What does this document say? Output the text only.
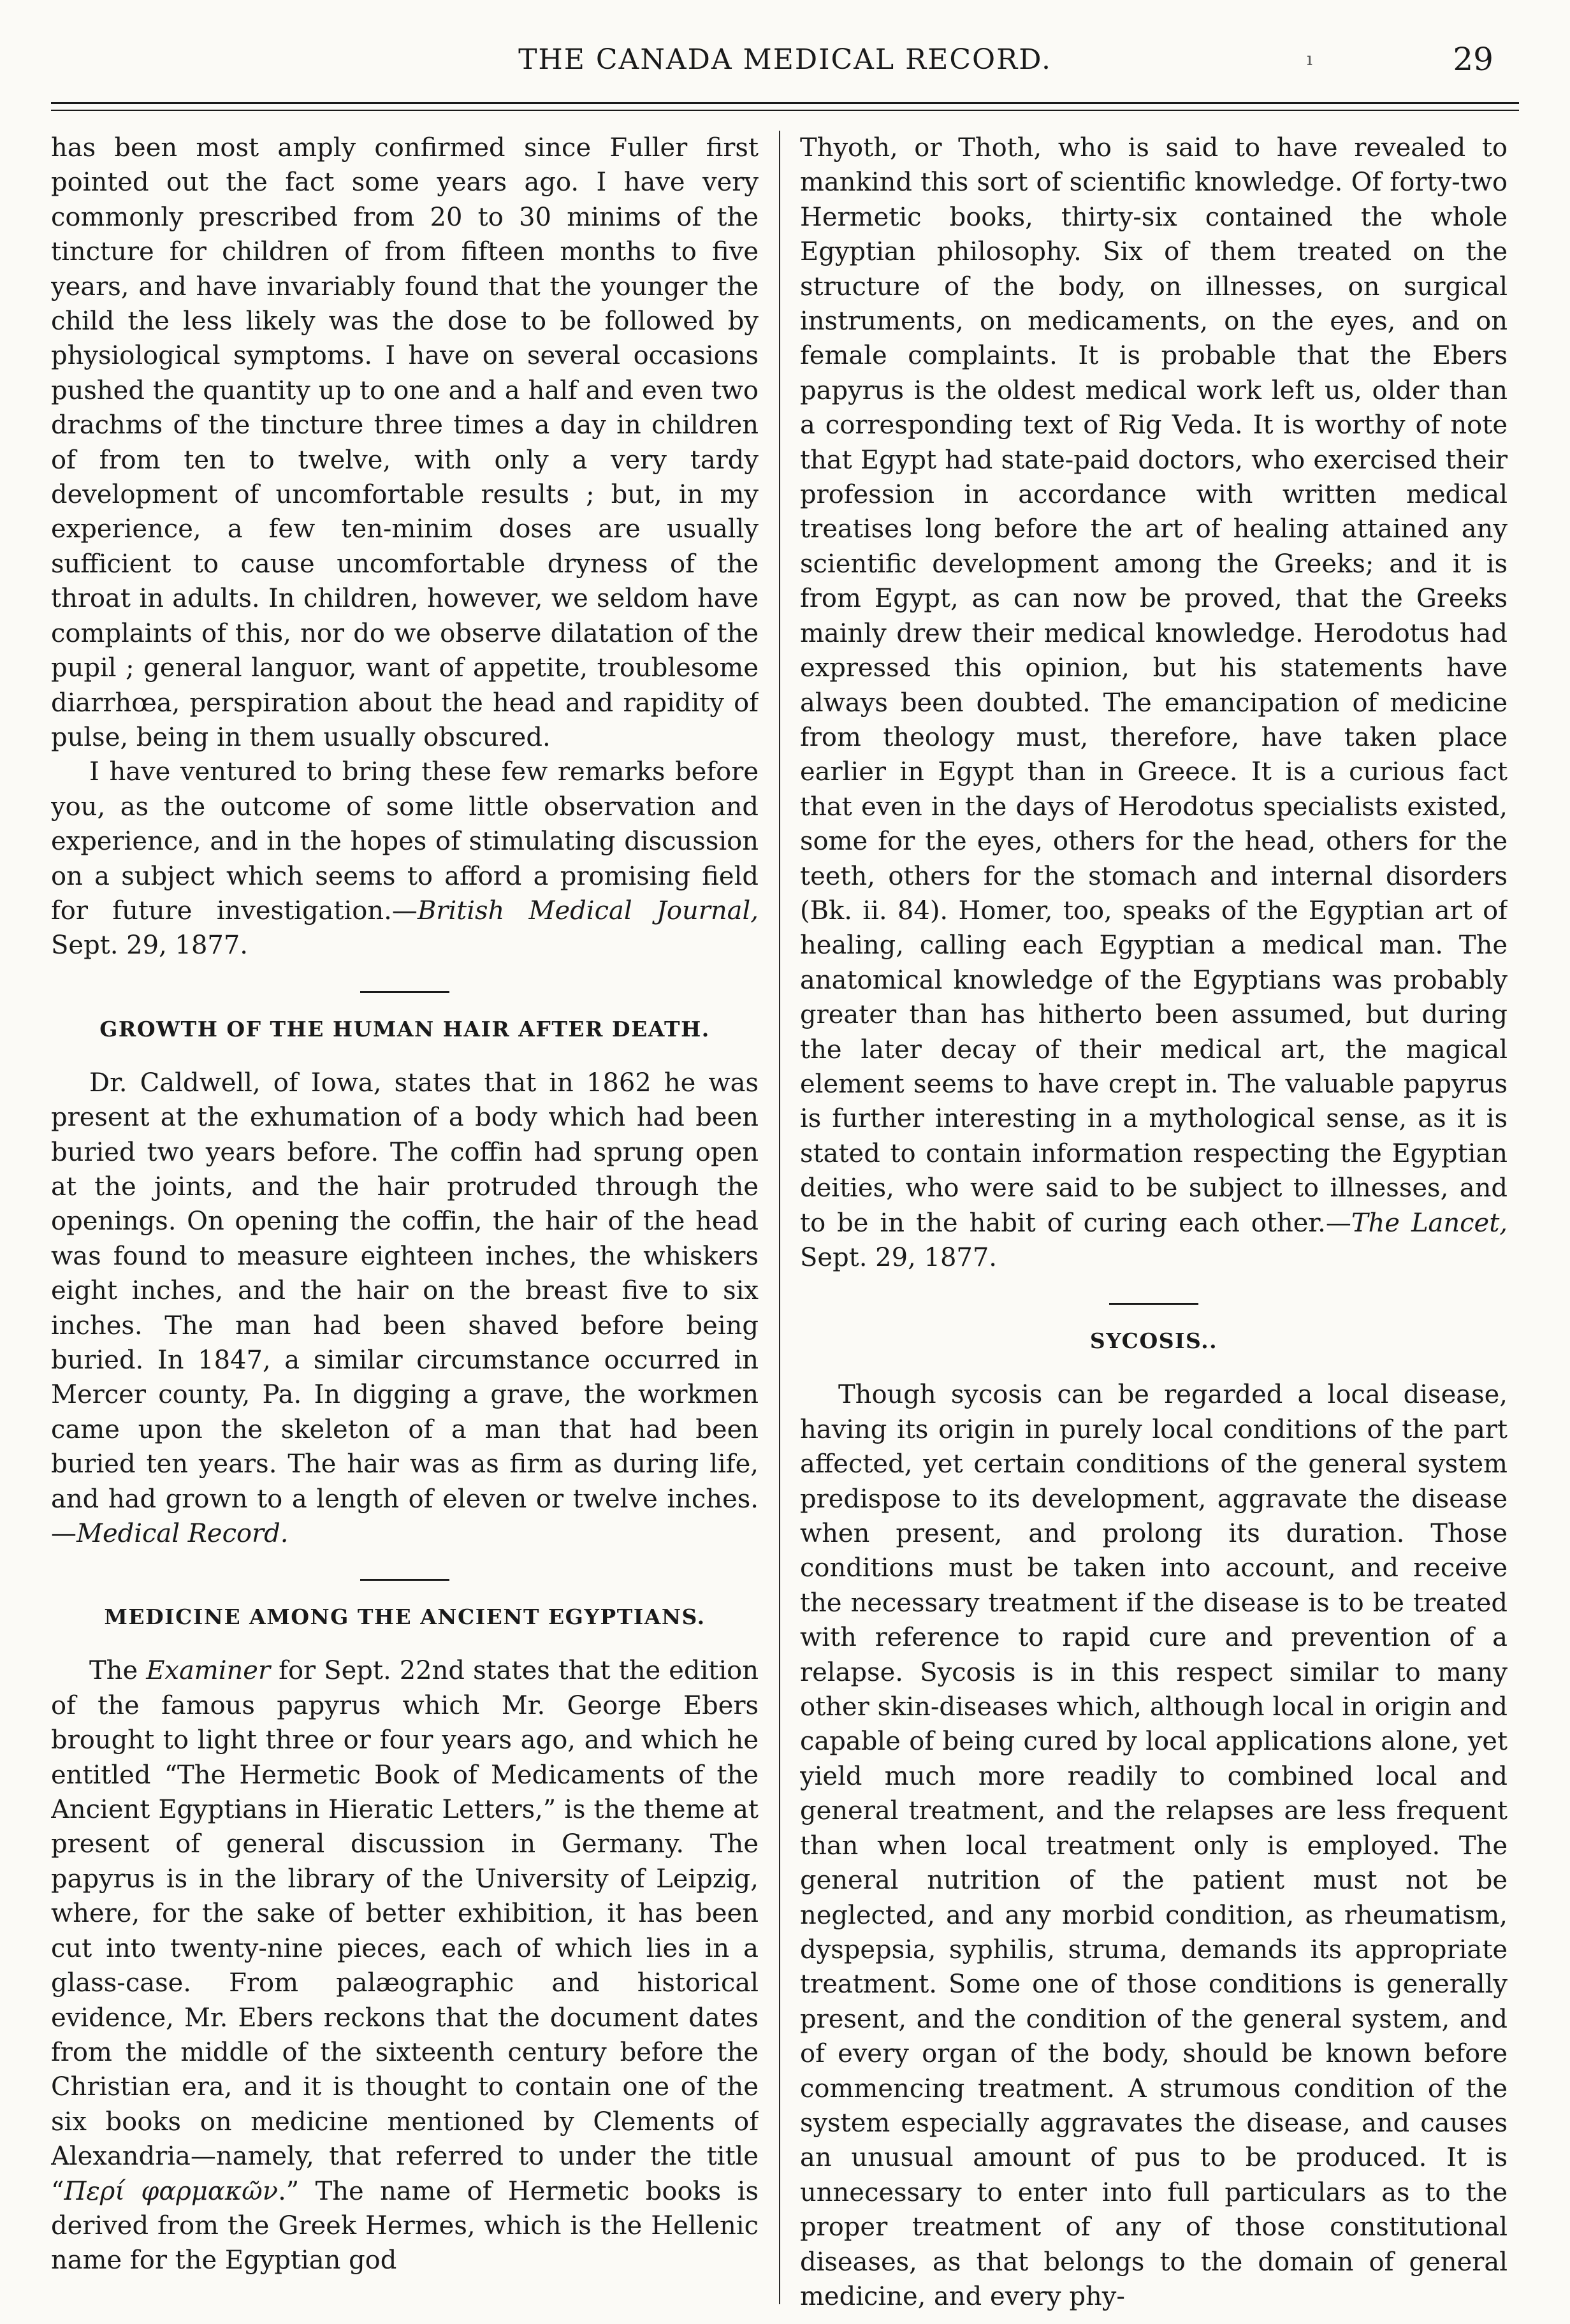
THE CANADA MEDICAL RECORD.	ı	29

has been most amply confirmed since Fuller first pointed out the fact some years ago. I have very commonly prescribed from 20 to 30 minims of the tincture for children of from fifteen months to five years, and have invariably found that the younger the child the less likely was the dose to be followed by physiological symptoms. I have on several occasions pushed the quantity up to one and a half and even two drachms of the tincture three times a day in children of from ten to twelve, with only a very tardy development of uncomfortable results ; but, in my experience, a few ten-minim doses are usually sufficient to cause uncomfortable dryness of the throat in adults. In children, however, we seldom have complaints of this, nor do we observe dilatation of the pupil ; general languor, want of appetite, troublesome diarrhœa, perspiration about the head and rapidity of pulse, being in them usually obscured.

I have ventured to bring these few remarks before you, as the outcome of some little observation and experience, and in the hopes of stimulating discussion on a subject which seems to afford a promising field for future investigation.—British Medical Journal, Sept. 29, 1877.

GROWTH OF THE HUMAN HAIR AFTER DEATH.

Dr. Caldwell, of Iowa, states that in 1862 he was present at the exhumation of a body which had been buried two years before. The coffin had sprung open at the joints, and the hair protruded through the openings. On opening the coffin, the hair of the head was found to measure eighteen inches, the whiskers eight inches, and the hair on the breast five to six inches. The man had been shaved before being buried. In 1847, a similar circumstance occurred in Mercer county, Pa. In digging a grave, the workmen came upon the skeleton of a man that had been buried ten years. The hair was as firm as during life, and had grown to a length of eleven or twelve inches.—Medical Record.

MEDICINE AMONG THE ANCIENT EGYPTIANS.

The Examiner for Sept. 22nd states that the edition of the famous papyrus which Mr. George Ebers brought to light three or four years ago, and which he entitled “The Hermetic Book of Medicaments of the Ancient Egyptians in Hieratic Letters,” is the theme at present of general discussion in Germany. The papyrus is in the library of the University of Leipzig, where, for the sake of better exhibition, it has been cut into twenty-nine pieces, each of which lies in a glass-case. From palæographic and historical evidence, Mr. Ebers reckons that the document dates from the middle of the sixteenth century before the Christian era, and it is thought to contain one of the six books on medicine mentioned by Clements of Alexandria—namely, that referred to under the title “Περί φαρμακῶν.” The name of Hermetic books is derived from the Greek Hermes, which is the Hellenic name for the Egyptian god

Thyoth, or Thoth, who is said to have revealed to mankind this sort of scientific knowledge. Of forty-two Hermetic books, thirty-six contained the whole Egyptian philosophy. Six of them treated on the structure of the body, on illnesses, on surgical instruments, on medicaments, on the eyes, and on female complaints. It is probable that the Ebers papyrus is the oldest medical work left us, older than a corresponding text of Rig Veda. It is worthy of note that Egypt had state-paid doctors, who exercised their profession in accordance with written medical treatises long before the art of healing attained any scientific development among the Greeks; and it is from Egypt, as can now be proved, that the Greeks mainly drew their medical knowledge. Herodotus had expressed this opinion, but his statements have always been doubted. The emancipation of medicine from theology must, therefore, have taken place earlier in Egypt than in Greece. It is a curious fact that even in the days of Herodotus specialists existed, some for the eyes, others for the head, others for the teeth, others for the stomach and internal disorders (Bk. ii. 84). Homer, too, speaks of the Egyptian art of healing, calling each Egyptian a medical man. The anatomical knowledge of the Egyptians was probably greater than has hitherto been assumed, but during the later decay of their medical art, the magical element seems to have crept in. The valuable papyrus is further interesting in a mythological sense, as it is stated to contain information respecting the Egyptian deities, who were said to be subject to illnesses, and to be in the habit of curing each other.—The Lancet, Sept. 29, 1877.

SYCOSIS..

Though sycosis can be regarded a local disease, having its origin in purely local conditions of the part affected, yet certain conditions of the general system predispose to its development, aggravate the disease when present, and prolong its duration. Those conditions must be taken into account, and receive the necessary treatment if the disease is to be treated with reference to rapid cure and prevention of a relapse. Sycosis is in this respect similar to many other skin-diseases which, although local in origin and capable of being cured by local applications alone, yet yield much more readily to combined local and general treatment, and the relapses are less frequent than when local treatment only is employed. The general nutrition of the patient must not be neglected, and any morbid condition, as rheumatism, dyspepsia, syphilis, struma, demands its appropriate treatment. Some one of those conditions is generally present, and the condition of the general system, and of every organ of the body, should be known before commencing treatment. A strumous condition of the system especially aggravates the disease, and causes an unusual amount of pus to be produced. It is unnecessary to enter into full particulars as to the proper treatment of any of those constitutional diseases, as that belongs to the domain of general medicine, and every phy-
